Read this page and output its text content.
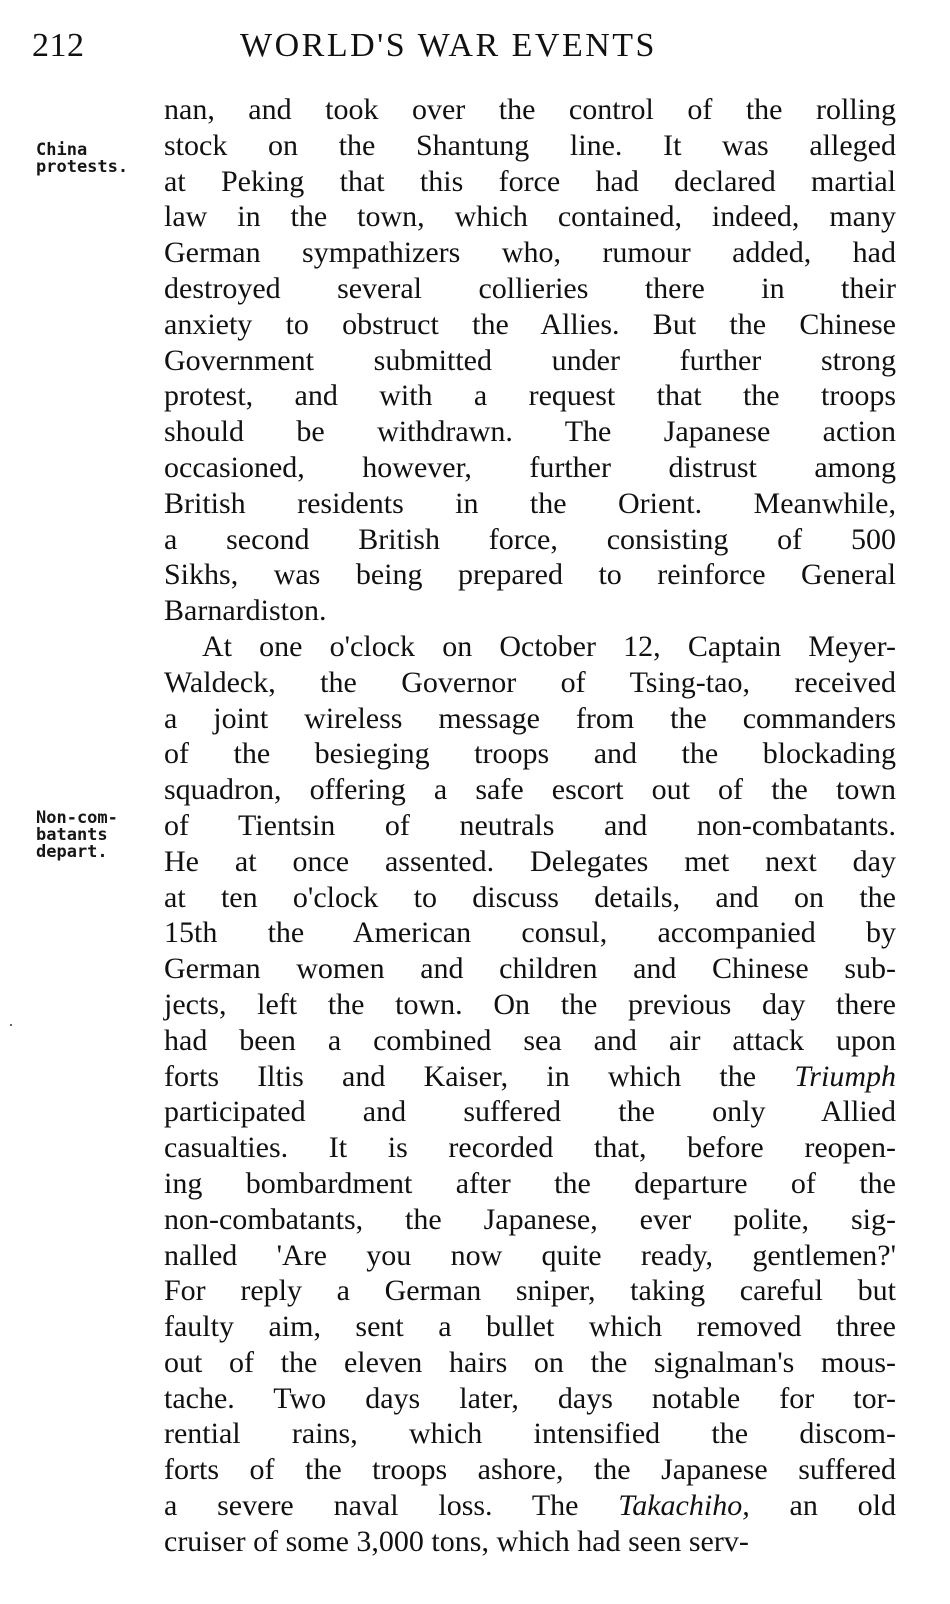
212	WORLD'S WAR EVENTS
China
protests.
Non-com-
batants
depart.
nan, and took over the control of the rolling
stock on the Shantung line. It was alleged
at Peking that this force had declared martial
law in the town, which contained, indeed, many
German sympathizers who, rumour added, had
destroyed several collieries there in their
anxiety to obstruct the Allies. But the Chinese
Government submitted under further strong
protest, and with a request that the troops
should be withdrawn. The Japanese action
occasioned, however, further distrust among
British residents in the Orient. Meanwhile,
a second British force, consisting of 500
Sikhs, was being prepared to reinforce General
Barnardiston.
At one o'clock on October 12, Captain Meyer-
Waldeck, the Governor of Tsing-tao, received
a joint wireless message from the commanders
of the besieging troops and the blockading
squadron, offering a safe escort out of the town
of Tientsin of neutrals and non-combatants.
He at once assented. Delegates met next day
at ten o'clock to discuss details, and on the
15th the American consul, accompanied by
German women and children and Chinese sub-
jects, left the town. On the previous day there
had been a combined sea and air attack upon
forts Iltis and Kaiser, in which the Triumph
participated and suffered the only Allied
casualties. It is recorded that, before reopen-
ing bombardment after the departure of the
non-combatants, the Japanese, ever polite, sig-
nalled 'Are you now quite ready, gentlemen?'
For reply a German sniper, taking careful but
faulty aim, sent a bullet which removed three
out of the eleven hairs on the signalman's mous-
tache. Two days later, days notable for tor-
rential rains, which intensified the discom-
forts of the troops ashore, the Japanese suffered
a severe naval loss. The Takachiho, an old
cruiser of some 3,000 tons, which had seen serv-
